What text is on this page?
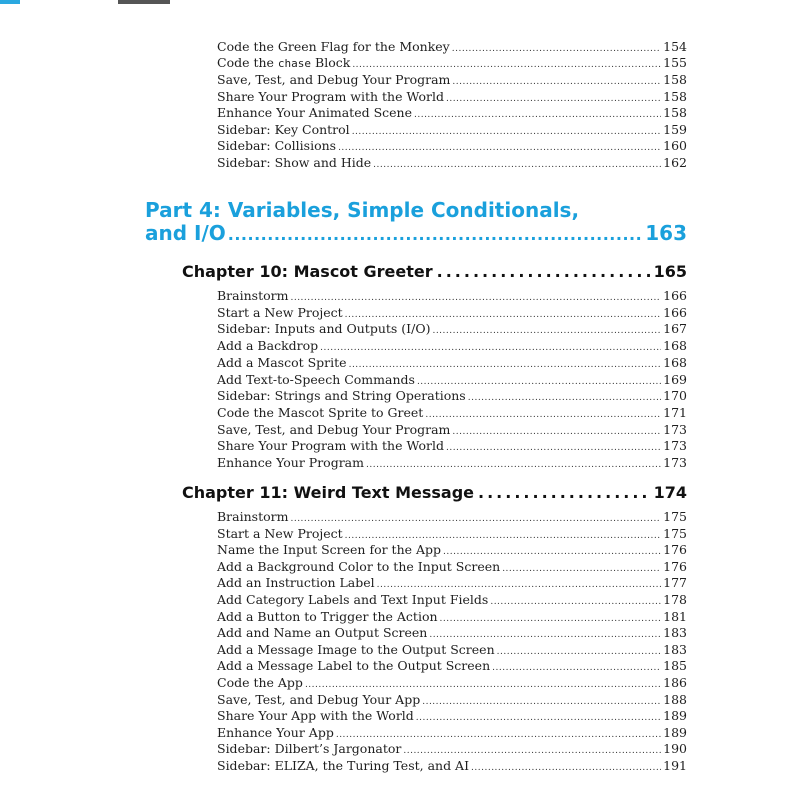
Code the Green Flag for the Monkey .....	154
Code the chase Block .....	155
Save, Test, and Debug Your Program .....	158
Share Your Program with the World .....	158
Enhance Your Animated Scene .....	158
Sidebar: Key Control .....	159
Sidebar: Collisions .....	160
Sidebar: Show and Hide .....	162
Part 4: Variables, Simple Conditionals,
and I/O .....	163
Chapter 10: Mascot Greeter .....	165
Brainstorm .....	166
Start a New Project .....	166
Sidebar: Inputs and Outputs (I/O) .....	167
Add a Backdrop .....	168
Add a Mascot Sprite .....	168
Add Text-to-Speech Commands .....	169
Sidebar: Strings and String Operations .....	170
Code the Mascot Sprite to Greet .....	171
Save, Test, and Debug Your Program .....	173
Share Your Program with the World .....	173
Enhance Your Program .....	173
Chapter 11: Weird Text Message .....	174
Brainstorm .....	175
Start a New Project .....	175
Name the Input Screen for the App .....	176
Add a Background Color to the Input Screen .....	176
Add an Instruction Label .....	177
Add Category Labels and Text Input Fields .....	178
Add a Button to Trigger the Action .....	181
Add and Name an Output Screen .....	183
Add a Message Image to the Output Screen .....	183
Add a Message Label to the Output Screen .....	185
Code the App .....	186
Save, Test, and Debug Your App .....	188
Share Your App with the World .....	189
Enhance Your App .....	189
Sidebar: Dilbert’s Jargonator .....	190
Sidebar: ELIZA, the Turing Test, and AI .....	191
